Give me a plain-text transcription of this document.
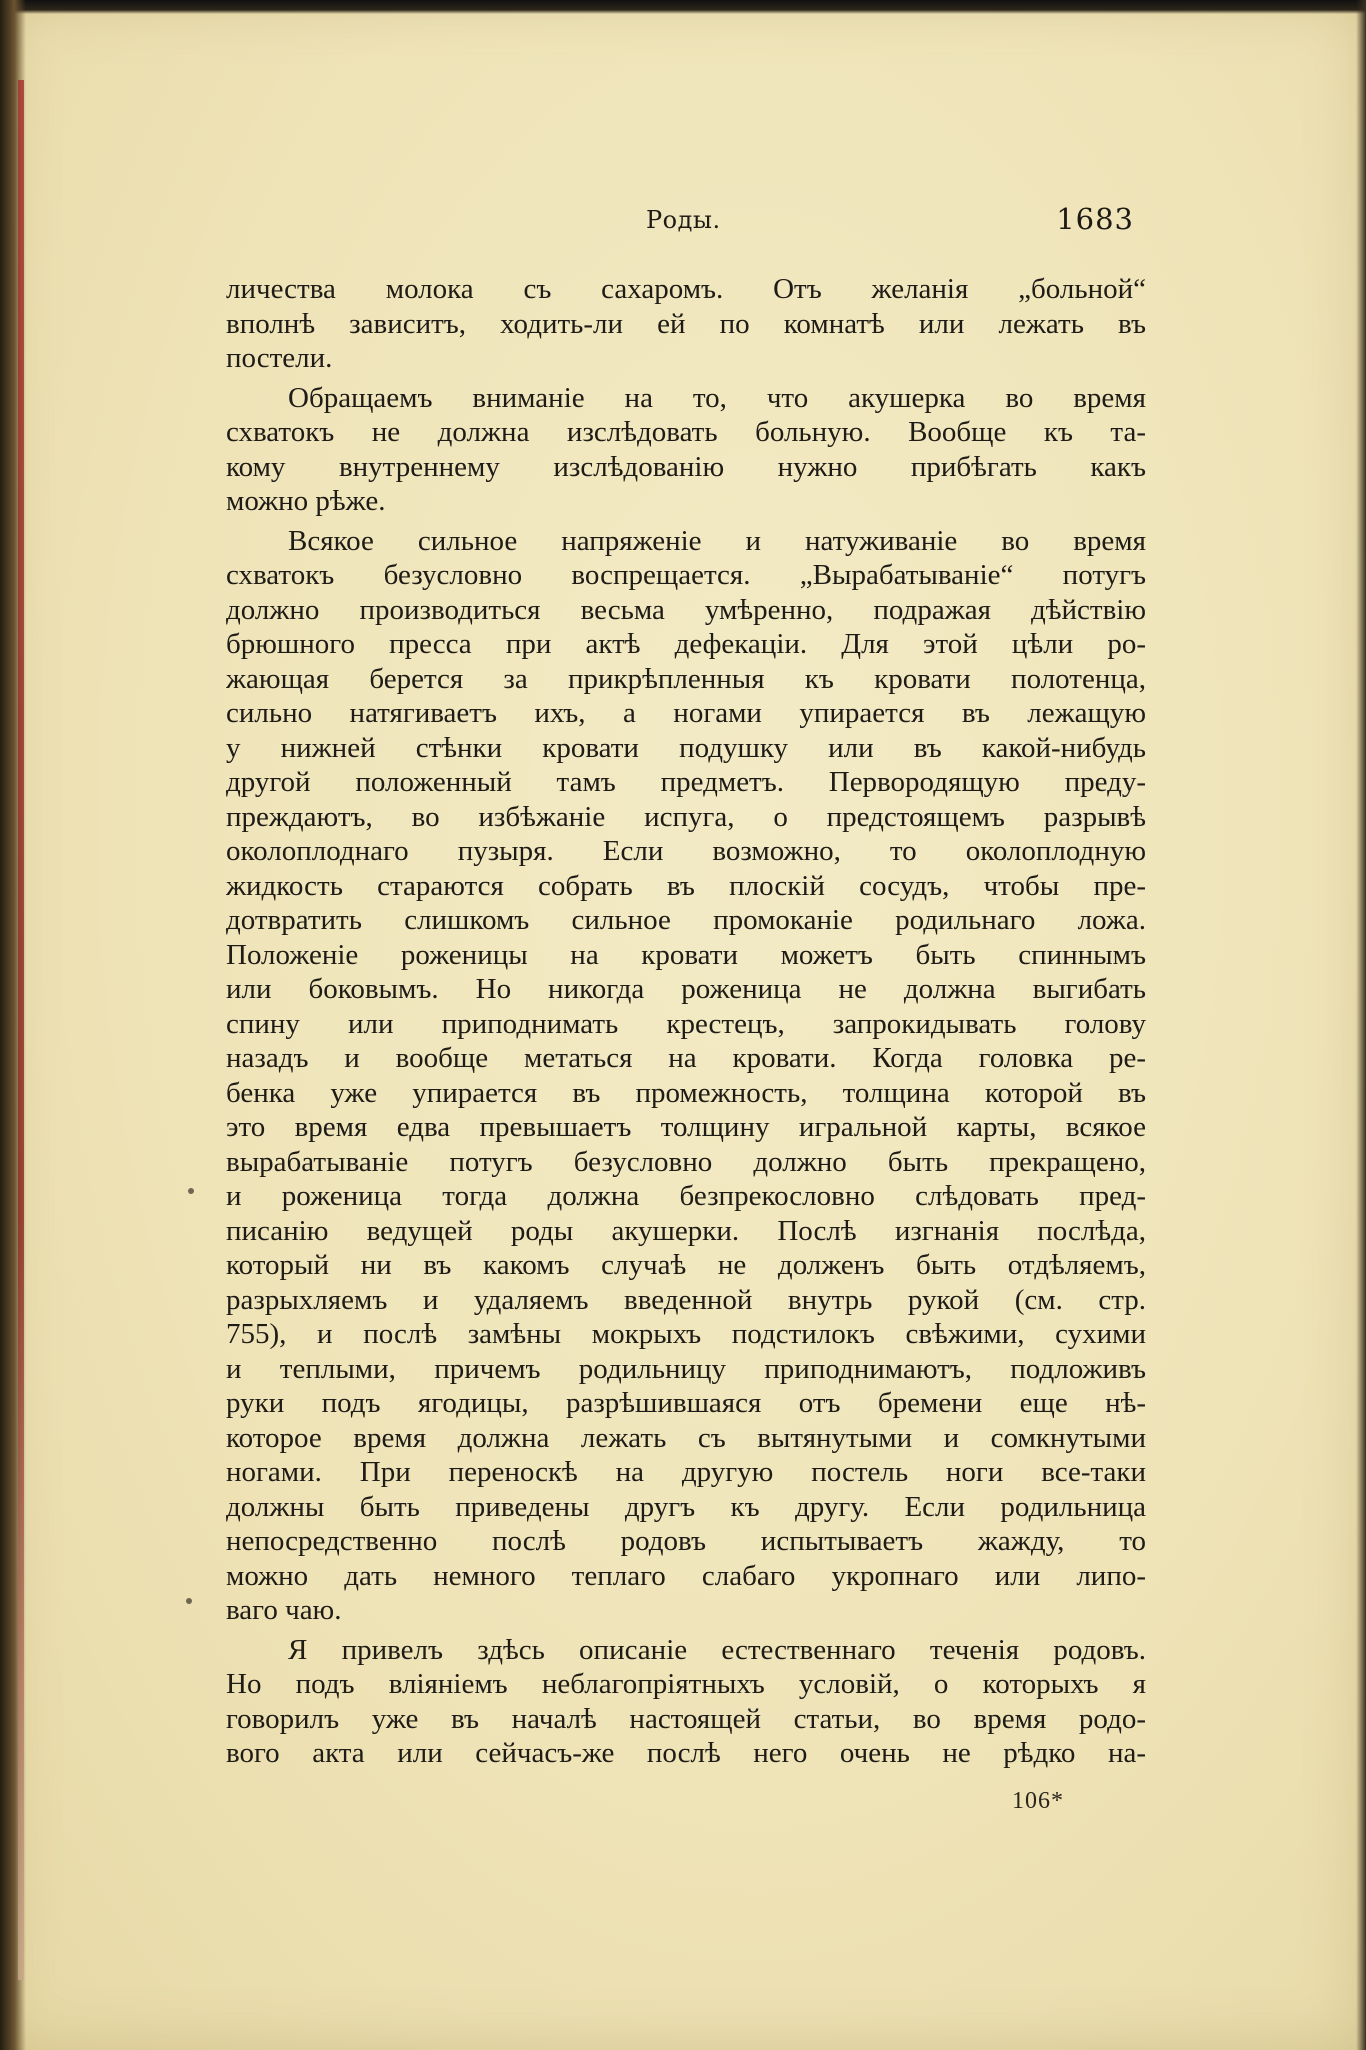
Роды.	1683
личества молока съ сахаромъ. Отъ желанія „больной“
вполнѣ зависитъ, ходить-ли ей по комнатѣ или лежать въ
постели.
Обращаемъ вниманіе на то, что акушерка во время
схватокъ не должна изслѣдовать больную. Вообще къ та-
кому внутреннему изслѣдованію нужно прибѣгать какъ
можно рѣже.
Всякое сильное напряженіе и натуживаніе во время
схватокъ безусловно воспрещается. „Вырабатываніе“ потугъ
должно производиться весьма умѣренно, подражая дѣйствію
брюшного пресса при актѣ дефекаціи. Для этой цѣли ро-
жающая берется за прикрѣпленныя къ кровати полотенца,
сильно натягиваетъ ихъ, а ногами упирается въ лежащую
у нижней стѣнки кровати подушку или въ какой-нибудь
другой положенный тамъ предметъ. Первородящую преду-
преждаютъ, во избѣжаніе испуга, о предстоящемъ разрывѣ
околоплоднаго пузыря. Если возможно, то околоплодную
жидкость стараются собрать въ плоскій сосудъ, чтобы пре-
дотвратить слишкомъ сильное промоканіе родильнаго ложа.
Положеніе роженицы на кровати можетъ быть спиннымъ
или боковымъ. Но никогда роженица не должна выгибать
спину или приподнимать крестецъ, запрокидывать голову
назадъ и вообще метаться на кровати. Когда головка ре-
бенка уже упирается въ промежность, толщина которой въ
это время едва превышаетъ толщину игральной карты, всякое
вырабатываніе потугъ безусловно должно быть прекращено,
и роженица тогда должна безпрекословно слѣдовать пред-
писанію ведущей роды акушерки. Послѣ изгнанія послѣда,
который ни въ какомъ случаѣ не долженъ быть отдѣляемъ,
разрыхляемъ и удаляемъ введенной внутрь рукой (см. стр.
755), и послѣ замѣны мокрыхъ подстилокъ свѣжими, сухими
и теплыми, причемъ родильницу приподнимаютъ, подложивъ
руки подъ ягодицы, разрѣшившаяся отъ бремени еще нѣ-
которое время должна лежать съ вытянутыми и сомкнутыми
ногами. При переноскѣ на другую постель ноги все-таки
должны быть приведены другъ къ другу. Если родильница
непосредственно послѣ родовъ испытываетъ жажду, то
можно дать немного теплаго слабаго укропнаго или липо-
ваго чаю.
Я привелъ здѣсь описаніе естественнаго теченія родовъ.
Но подъ вліяніемъ неблагопріятныхъ условій, о которыхъ я
говорилъ уже въ началѣ настоящей статьи, во время родо-
вого акта или сейчасъ-же послѣ него очень не рѣдко на-
106*
